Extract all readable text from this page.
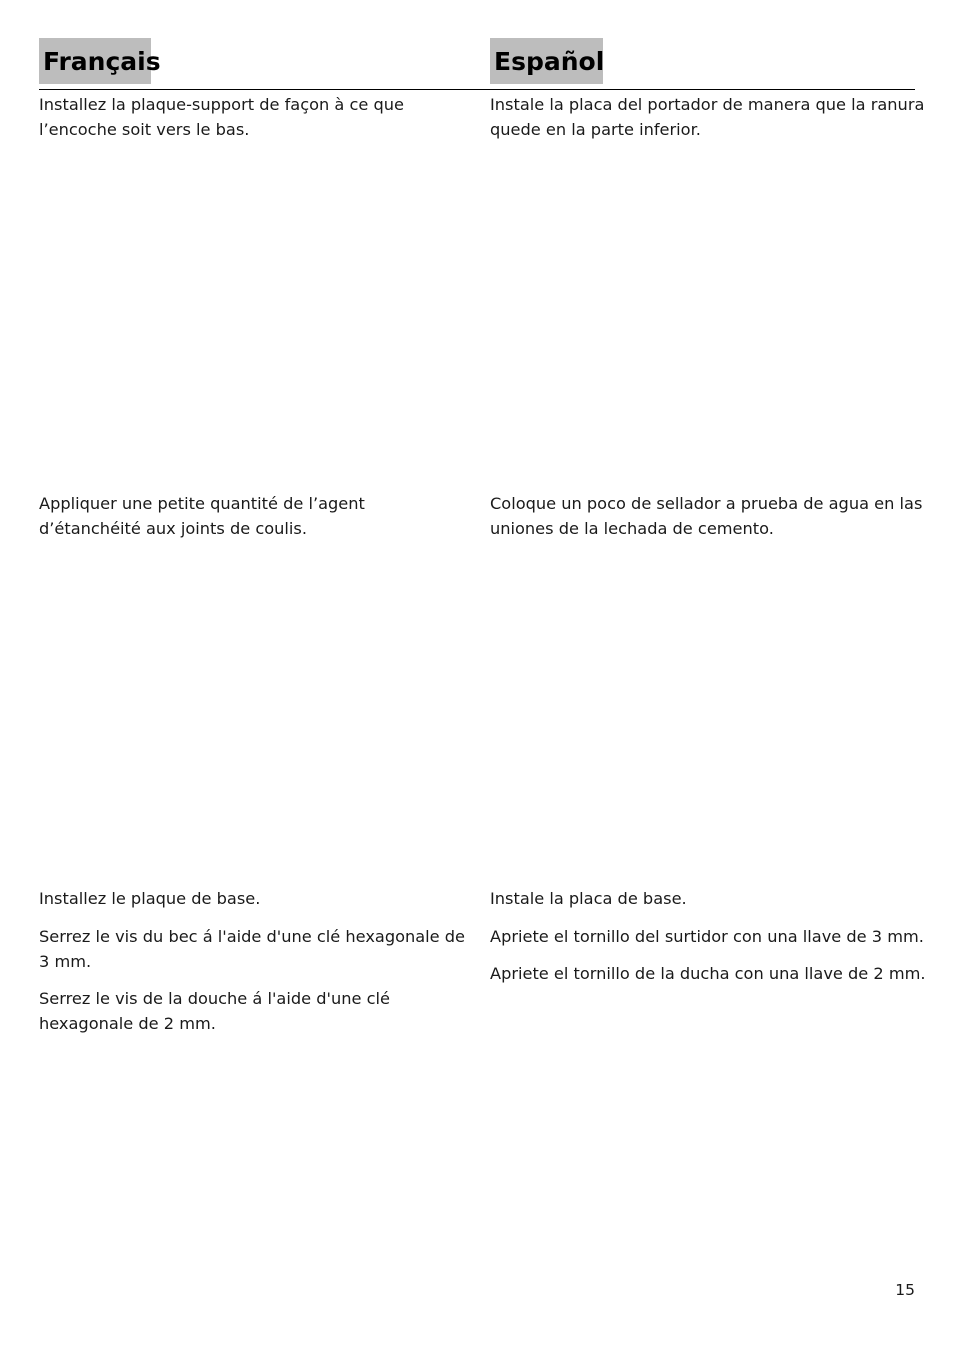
Français	Español

Installez la plaque-support de façon à ce que l’encoche soit vers le bas.

Instale la placa del portador de manera que la ranura quede en la parte inferior.

Appliquer une petite quantité de l’agent d’étanchéité aux joints de coulis.

Coloque un poco de sellador a prueba de agua en las uniones de la lechada de cemento.

Installez le plaque de base.

Serrez le vis du bec á l'aide d'une clé hexagonale de 3 mm.

Serrez le vis de la douche á l'aide d'une clé hexagonale de 2 mm.

Instale la placa de base.

Apriete el tornillo del surtidor con una llave de 3 mm.

Apriete el tornillo de la ducha con una llave de 2 mm.

15
